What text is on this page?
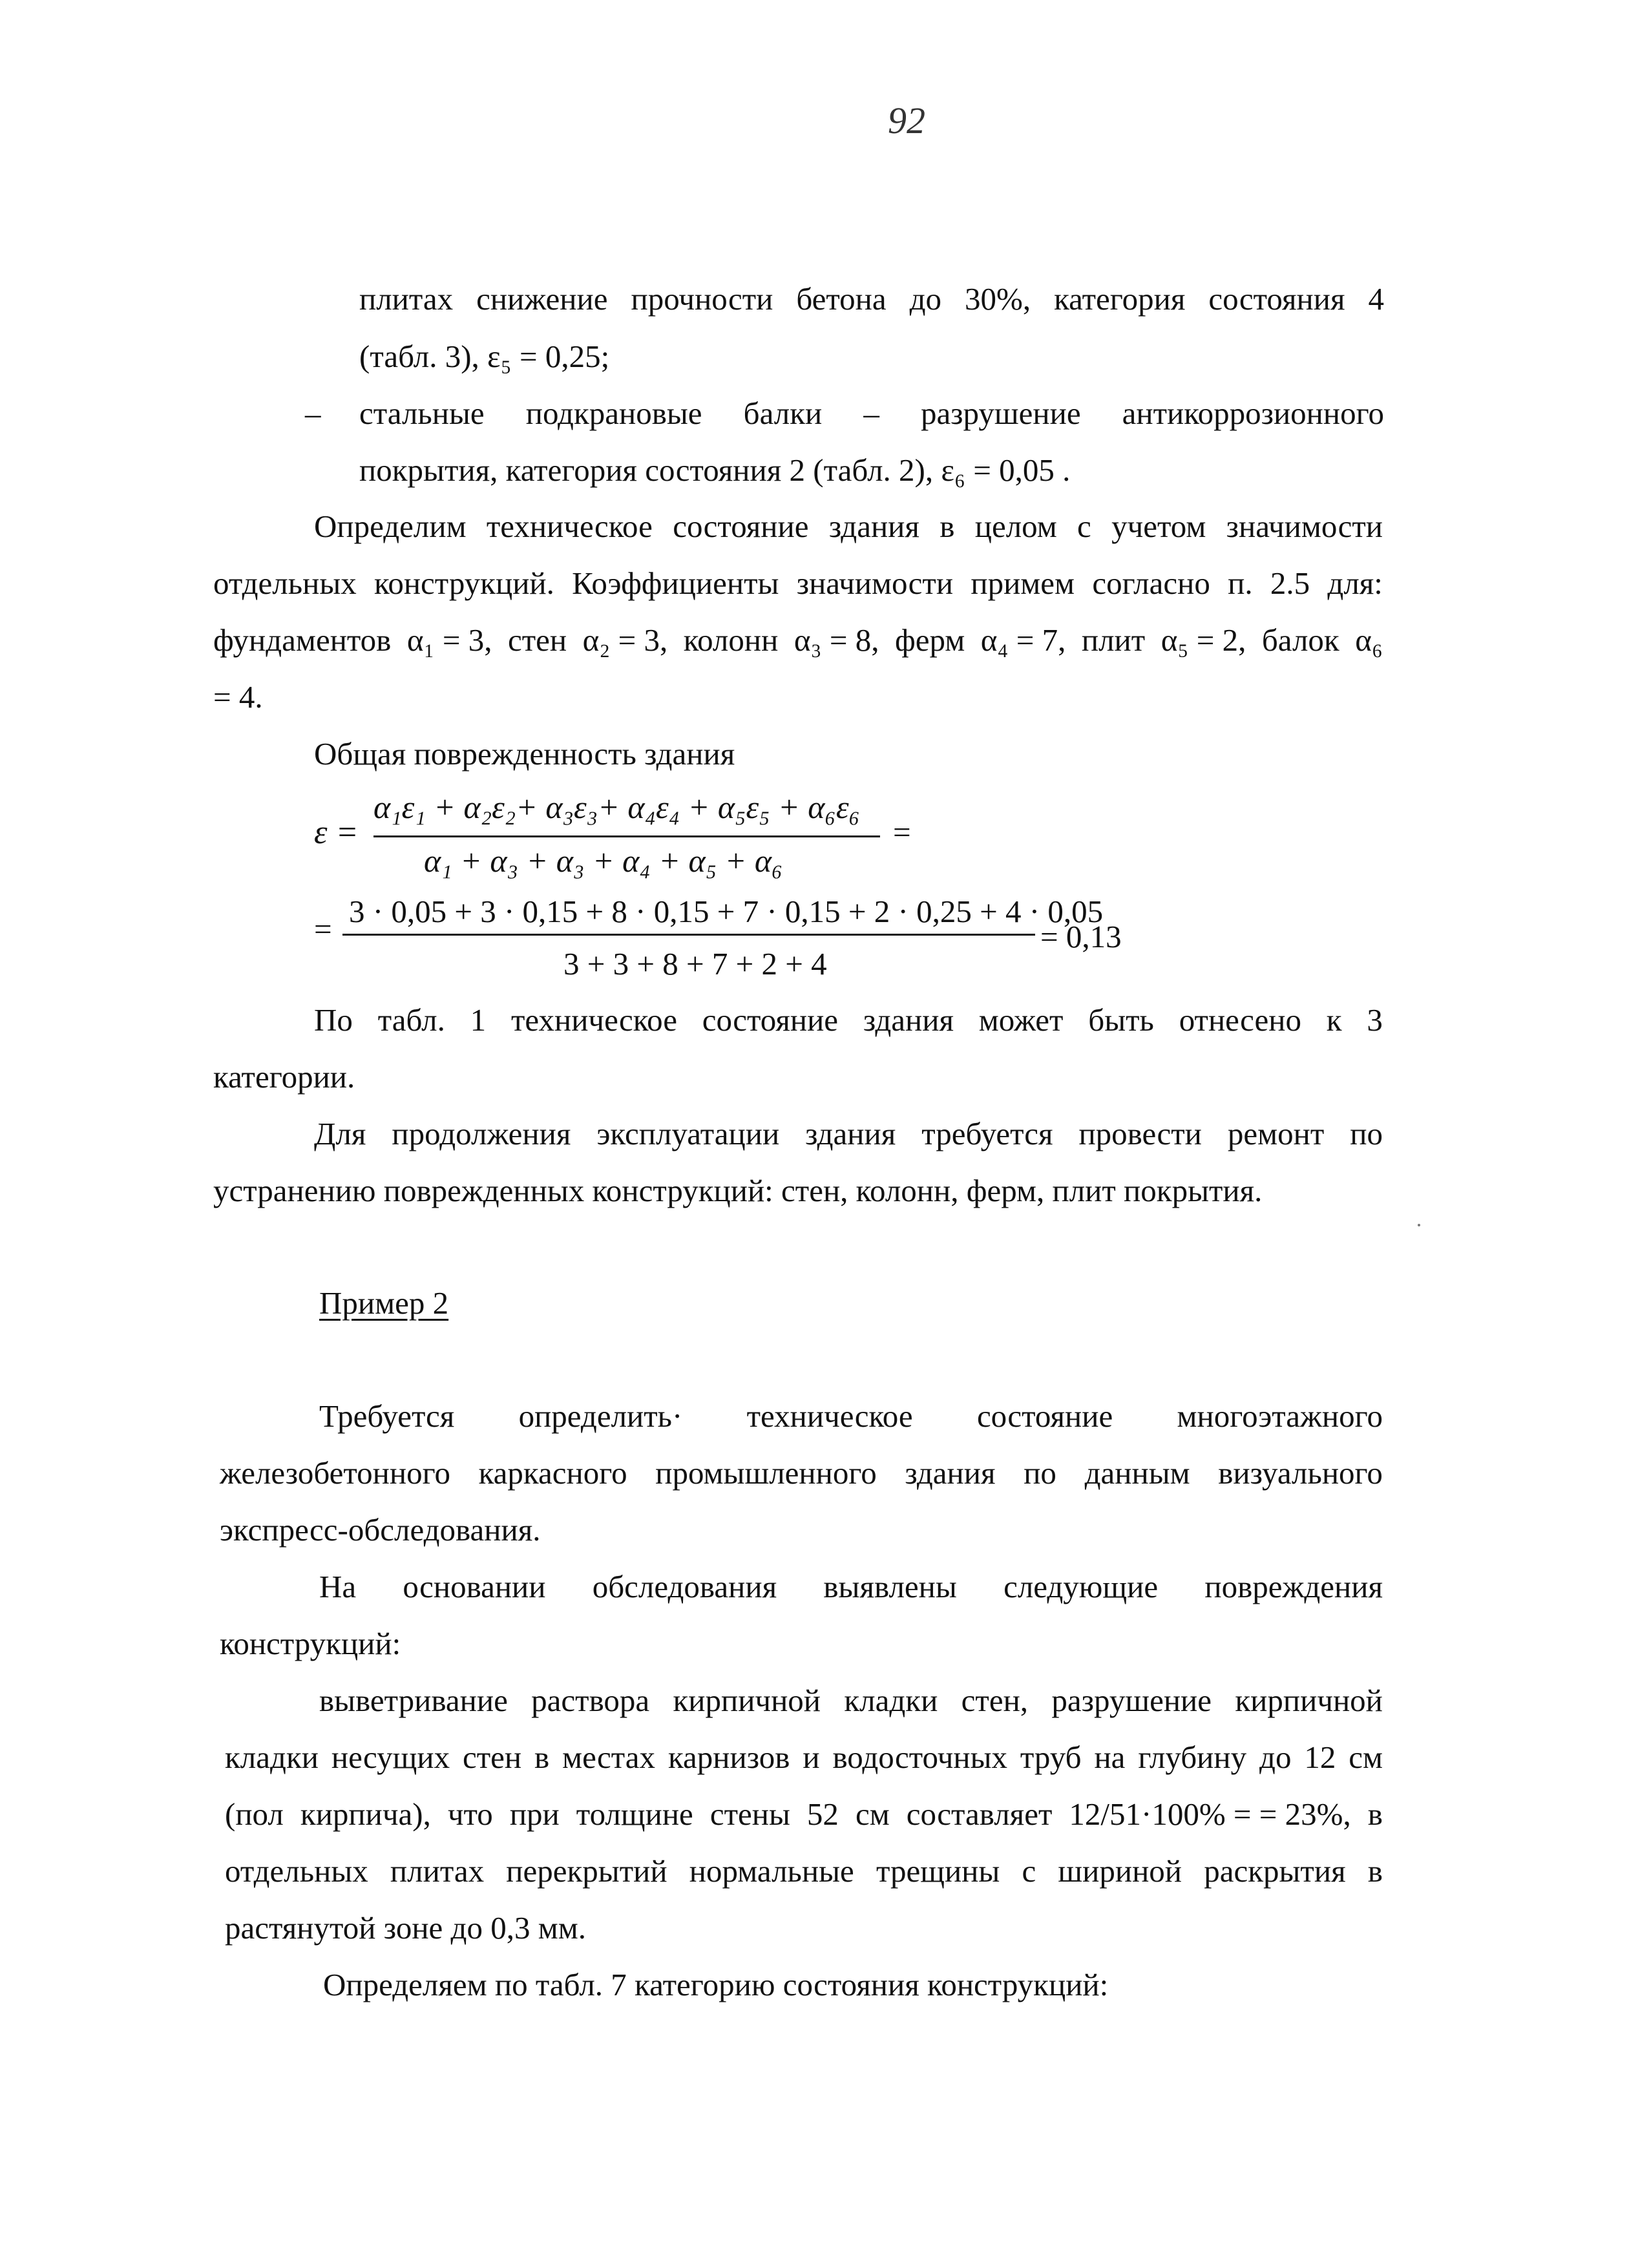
92
плитах снижение прочности бетона до 30%, категория состояния 4
(табл. 3), ε₅ = 0,25;
– стальные подкрановые балки – разрушение антикоррозионного
покрытия, категория состояния 2 (табл. 2), ε₆ = 0,05 .
Определим техническое состояние здания в целом с учетом значимости
отдельных конструкций. Коэффициенты значимости примем согласно п. 2.5 для:
фундаментов α₁ = 3, стен α₂ = 3, колонн α₃ = 8, ферм α₄ = 7, плит α₅ = 2, балок α₆
= 4.
Общая поврежденность здания
ε =
α₁ε₁ + α₂ε₂+ α₃ε₃+ α₄ε₄ + α₅ε₅ + α₆ε₆
α₁ + α₃ + α₃ + α₄ + α₅ + α₆
=
= 3 · 0,05 + 3 · 0,15 + 8 · 0,15 + 7 · 0,15 + 2 · 0,25 + 4 · 0,05
3 + 3 + 8 + 7 + 2 + 4
= 0,13
По табл. 1 техническое состояние здания может быть отнесено к 3
категории.
Для продолжения эксплуатации здания требуется провести ремонт по
устранению поврежденных конструкций: стен, колонн, ферм, плит покрытия.
Пример 2
Требуется определить· техническое состояние многоэтажного
железобетонного каркасного промышленного здания по данным визуального
экспресс-обследования.
На основании обследования выявлены следующие повреждения
конструкций:
выветривание раствора кирпичной кладки стен, разрушение кирпичной
кладки несущих стен в местах карнизов и водосточных труб на глубину до 12 см
(пол кирпича), что при толщине стены 52 см составляет 12/51·100% = = 23%, в
отдельных плитах перекрытий нормальные трещины с шириной раскрытия в
растянутой зоне до 0,3 мм.
Определяем по табл. 7 категорию состояния конструкций:
